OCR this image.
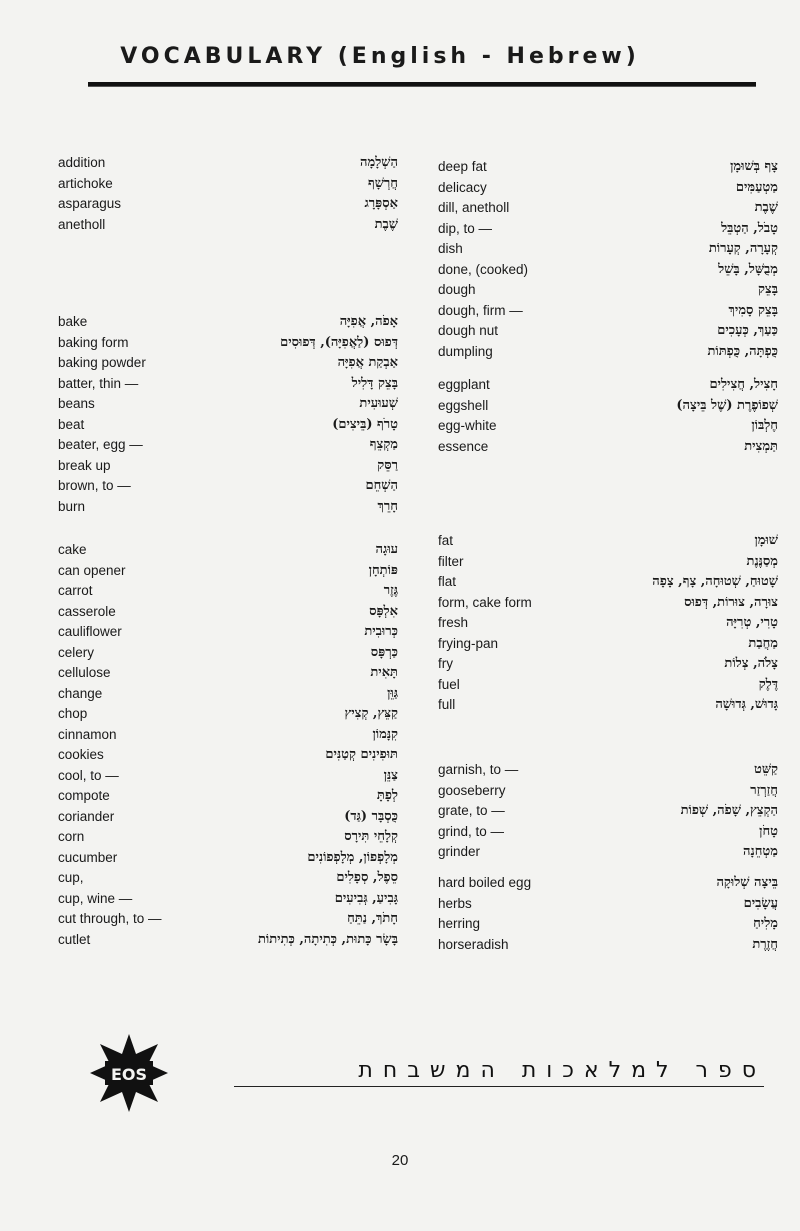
VOCABULARY (English - Hebrew)
addition	הַשְׁלָמָה
artichoke	חֲרְשָׁף
asparagus	אַסְפָּרָג
anetholl	שֶׁבֶת
bake	אָפֹה, אֲפִיָּה
baking form	דְּפוּס (לַאֲפִיָּה), דְּפוּסִים
baking powder	אַבְקַת אֲפִיָּה
batter, thin —	בָּצֵק דָּלִיל
beans	שְׁעוּעִית
beat	טָרֹף (בֵּיצִים)
beater, egg —	מַקְצֵף
break up	רַסֵּק
brown, to —	הַשְׁחֵם
burn	חָרֵךְ
cake	עוּגָה
can opener	פּוֹתְחָן
carrot	גֶּזֶר
casserole	אִלְפָּס
cauliflower	כְּרוּבִית
celery	כַּרְפָּס
cellulose	תָּאִית
change	גַּוֵּן
chop	קַצֵּץ, קְצִיץ
cinnamon	קִנָּמוֹן
cookies	תּוּפִינִים קְטַנִּים
cool, to —	צַנֵּן
compote	לְפָתָּ
coriander	כֻּסְבָּר (גַּד)
corn	קְלָחֵי תִּירָס
cucumber	מְלָפְפוֹן, מְלָפְפוֹנִים
cup,	סֵפֶל, סְפָלִים
cup, wine —	גָּבִיעַ, גְּבִיעִים
cut through, to —	חָתֹךְ, נַתֵּחַ
cutlet	בָּשָׂר כָּתוּת, כְּתִיתָה, כְּתִיתוֹת
deep fat	צָף בְּשׁוּמָן
delicacy	מַטְעַמִּים
dill, anetholl	שֶׁבֶת
dip, to —	טָבֹל, הַטְבֵּל
dish	קְעָרָה, קְעָרוֹת
done, (cooked)	מְבֻשָּׁל, בָּשֵׁל
dough	בָּצֵק
dough, firm —	בָּצֵק סָמִיךְ
dough nut	כַּעַךְ, כְּעָכִים
dumpling	כֻּפְתָּה, כֻּפְתּוֹת
eggplant	חָצִיל, חֲצִילִים
eggshell	שְׁפוֹפֶרֶת (שֶׁל בֵּיצָה)
egg-white	חֶלְבּוֹן
essence	תַּמְצִית
fat	שׁוּמָן
filter	מְסַנֶּנֶת
flat	שָׁטוּחַ, שְׁטוּחָה, צָף, צָפָה
form, cake form	צוּרָה, צוּרוֹת, דְּפוּס
fresh	טָרִי, טְרִיָּה
frying-pan	מַחֲבַת
fry	צָלֹה, צְלוֹת
fuel	דֶּלֶק
full	גָּדוּשׁ, גְּדוּשָׁה
garnish, to —	קַשֵּׁט
gooseberry	חֲזַרְזַר
grate, to —	הַקְצֵץ, שָׁפֹה, שְׁפוֹת
grind, to —	טָחֹן
grinder	מַטְחֵנָה
hard boiled egg	בֵּיצָה שְׁלוּקָה
herbs	עֲשָׂבִים
herring	מָלִיחַ
horseradish	חֲזֶרֶת
EOS	ספר למלאכות המשבחת
20
